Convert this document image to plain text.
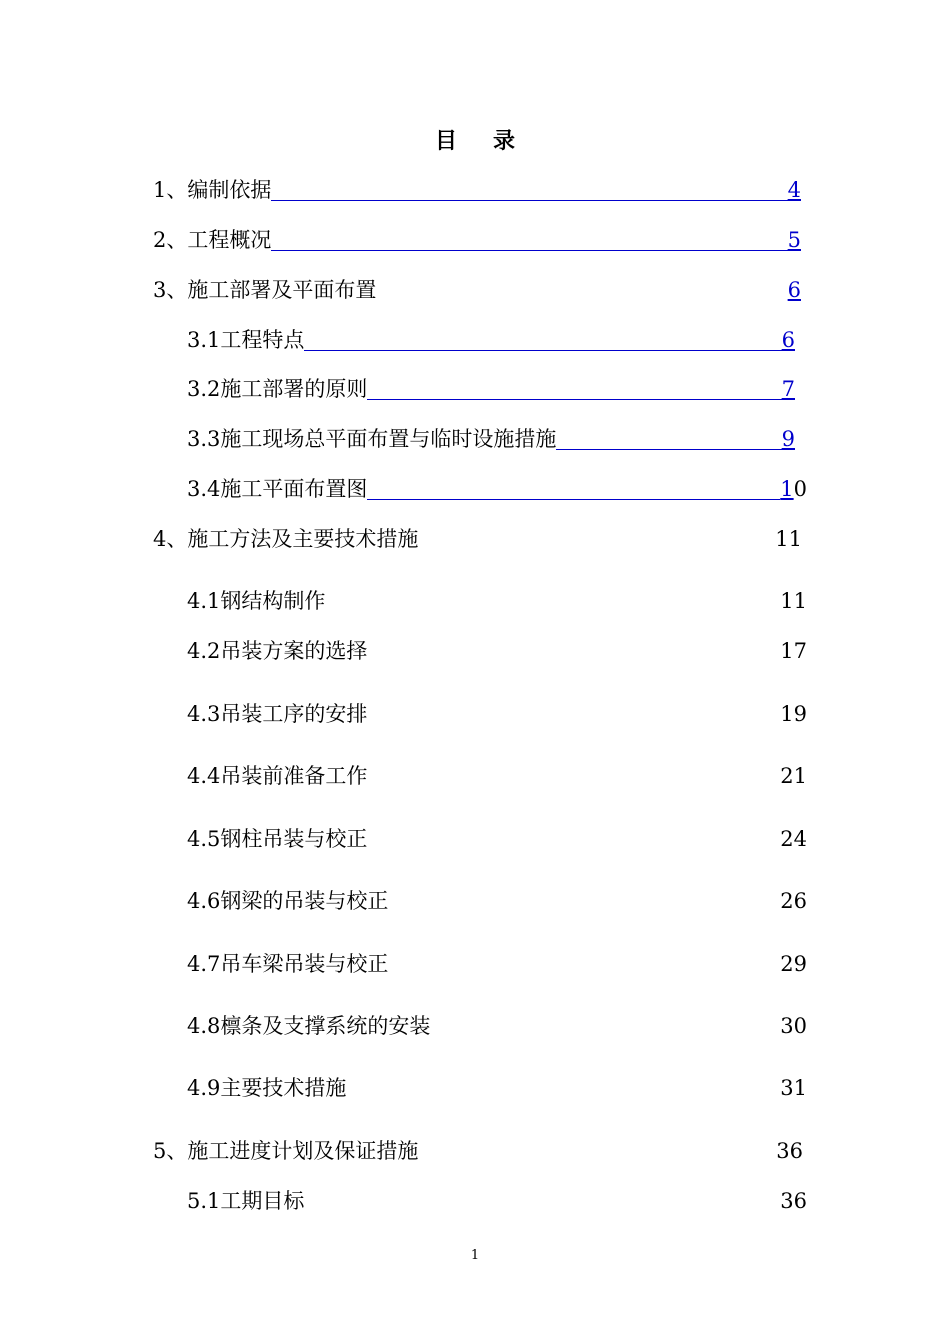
目 录
1、编制依据	4
2、工程概况	5
3、施工部署及平面布置	6
3.1工程特点	6
3.2施工部署的原则	7
3.3施工现场总平面布置与临时设施措施	9
3.4施工平面布置图	10
4、施工方法及主要技术措施	11
4.1钢结构制作	11
4.2吊装方案的选择	17
4.3吊装工序的安排	19
4.4吊装前准备工作	21
4.5钢柱吊装与校正	24
4.6钢梁的吊装与校正	26
4.7吊车梁吊装与校正	29
4.8檩条及支撑系统的安装	30
4.9主要技术措施	31
5、施工进度计划及保证措施	36
5.1工期目标	36
1
